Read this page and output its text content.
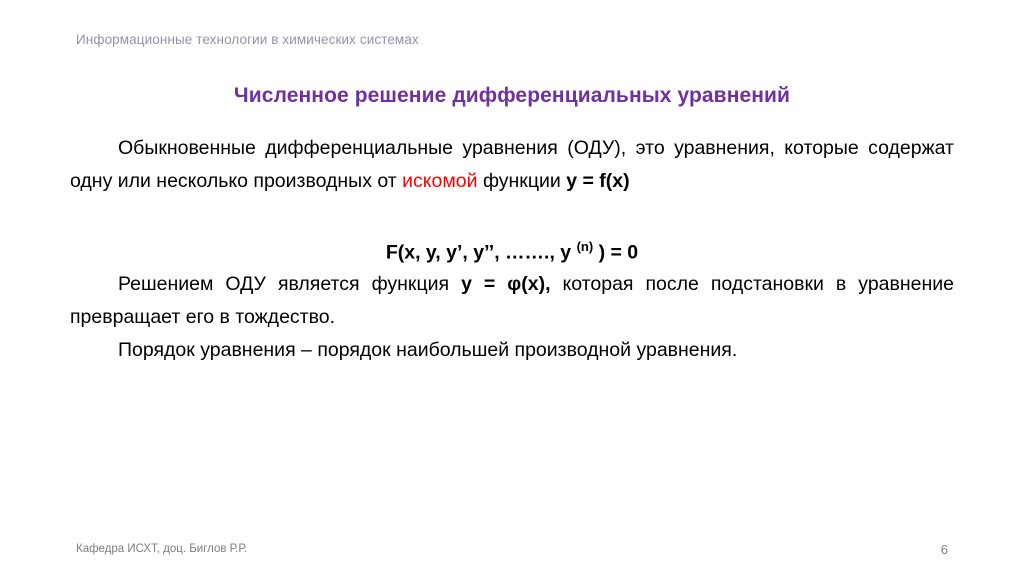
Информационные технологии в химических системах
Численное решение дифференциальных уравнений

Обыкновенные дифференциальные уравнения (ОДУ), это уравнения, которые содержат одну или несколько производных от искомой функции y = f(x)

F(x, y, y’, y’’, ……., y $^{(n)}$ ) = 0

Решением ОДУ является функция y = φ(x), которая после подстановки в уравнение превращает его в тождество.

Порядок уравнения – порядок наибольшей производной уравнения.

Кафедра ИСХТ, доц. Биглов Р.Р.	6
